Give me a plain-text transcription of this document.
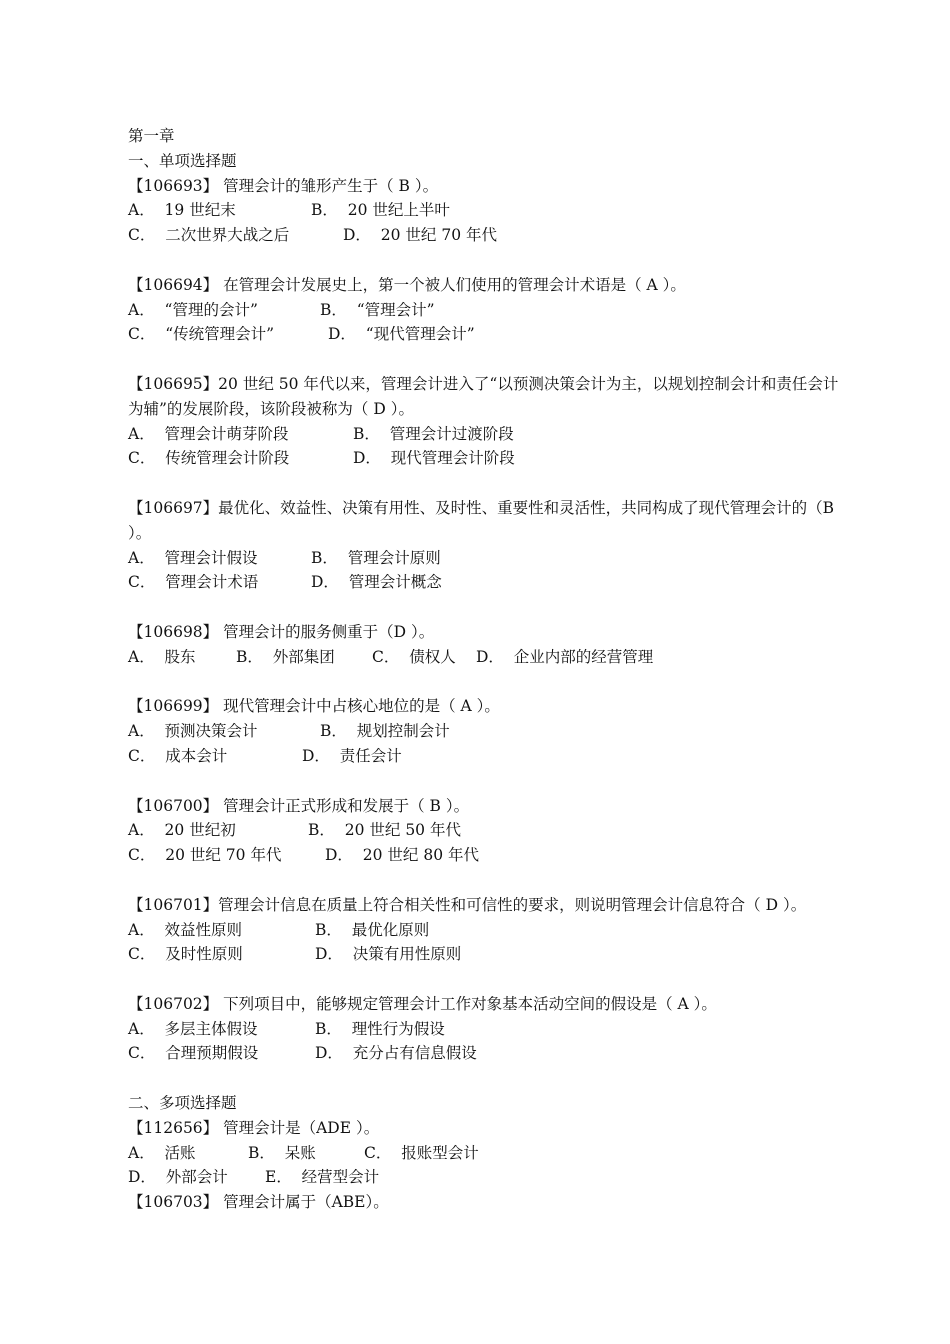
第一章
一、单项选择题
【106693】 管理会计的雏形产生于（ B ）。
A．  19 世纪末	B．  20 世纪上半叶
C．  二次世界大战之后	D．  20 世纪 70 年代
【106694】 在管理会计发展史上，第一个被人们使用的管理会计术语是（ A ）。
A．  “管理的会计”	B．  “管理会计”
C．  “传统管理会计”	D．  “现代管理会计”
【106695】20 世纪 50 年代以来，管理会计进入了“以预测决策会计为主，以规划控制会计和责任会计为辅”的发展阶段，该阶段被称为（ D ）。
A．  管理会计萌芽阶段	B．  管理会计过渡阶段
C．  传统管理会计阶段	D．  现代管理会计阶段
【106697】最优化、效益性、决策有用性、及时性、重要性和灵活性，共同构成了现代管理会计的（B ）。
A．  管理会计假设	B．  管理会计原则
C．  管理会计术语	D．  管理会计概念
【106698】 管理会计的服务侧重于（D ）。
A．  股东	B．  外部集团 C．  债权人 D．  企业内部的经营管理
【106699】 现代管理会计中占核心地位的是（ A ）。
A．  预测决策会计	B．  规划控制会计
C．  成本会计	D．  责任会计
【106700】 管理会计正式形成和发展于（ B ）。
A．  20 世纪初	B．  20 世纪 50 年代
C．  20 世纪 70 年代	D．  20 世纪 80 年代
【106701】管理会计信息在质量上符合相关性和可信性的要求，则说明管理会计信息符合（ D ）。
A．  效益性原则	B．  最优化原则
C．  及时性原则	D．  决策有用性原则
【106702】 下列项目中，能够规定管理会计工作对象基本活动空间的假设是（ A ）。
A．  多层主体假设	B．  理性行为假设
C．  合理预期假设	D．  充分占有信息假设
二、多项选择题
【112656】 管理会计是（ADE ）。
A．  活账	B．  呆账	C．  报账型会计
D．  外部会计 E．  经营型会计
【106703】 管理会计属于（ABE）。
